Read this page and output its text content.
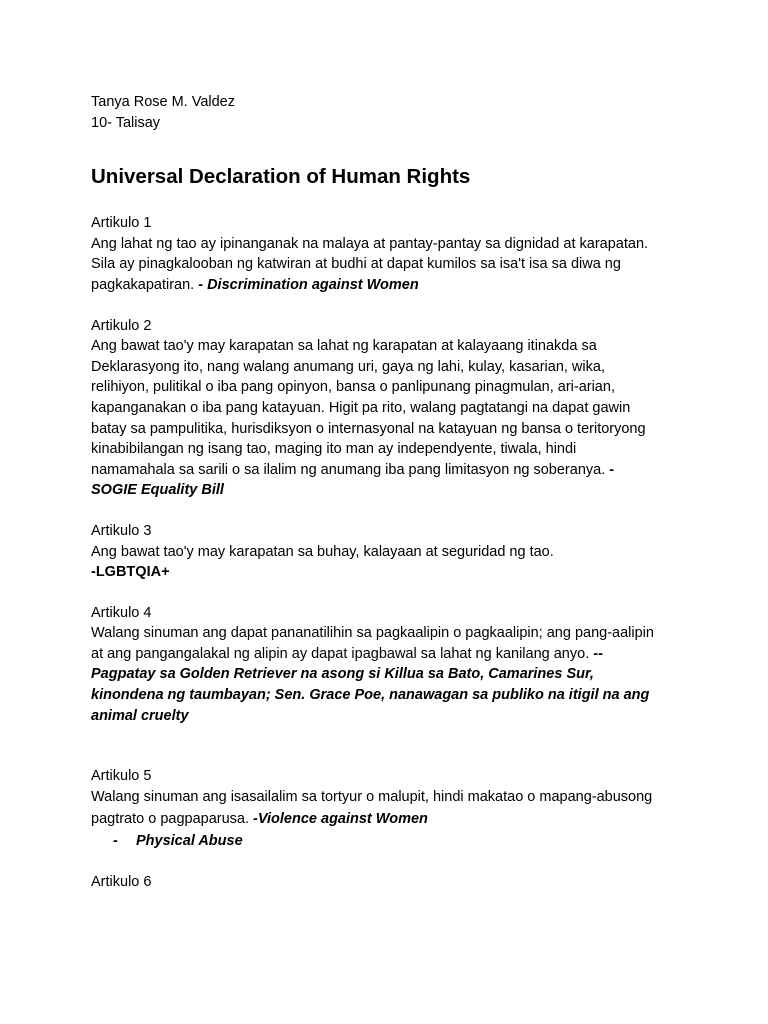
Tanya Rose M. Valdez
10- Talisay
Universal Declaration of Human Rights
Artikulo 1
Ang lahat ng tao ay ipinanganak na malaya at pantay-pantay sa dignidad at karapatan.
Sila ay pinagkalooban ng katwiran at budhi at dapat kumilos sa isa't isa sa diwa ng
pagkakapatiran. - Discrimination against Women
Artikulo 2
Ang bawat tao'y may karapatan sa lahat ng karapatan at kalayaang itinakda sa
Deklarasyong ito, nang walang anumang uri, gaya ng lahi, kulay, kasarian, wika,
relihiyon, pulitikal o iba pang opinyon, bansa o panlipunang pinagmulan, ari-arian,
kapanganakan o iba pang katayuan. Higit pa rito, walang pagtatangi na dapat gawin
batay sa pampulitika, hurisdiksyon o internasyonal na katayuan ng bansa o teritoryong
kinabibilangan ng isang tao, maging ito man ay independyente, tiwala, hindi
namamahala sa sarili o sa ilalim ng anumang iba pang limitasyon ng soberanya. -
SOGIE Equality Bill
Artikulo 3
Ang bawat tao'y may karapatan sa buhay, kalayaan at seguridad ng tao.
-LGBTQIA+
Artikulo 4
Walang sinuman ang dapat pananatilihin sa pagkaalipin o pagkaalipin; ang pang-aalipin
at ang pangangalakal ng alipin ay dapat ipagbawal sa lahat ng kanilang anyo. --
Pagpatay sa Golden Retriever na asong si Killua sa Bato, Camarines Sur,
kinondena ng taumbayan; Sen. Grace Poe, nanawagan sa publiko na itigil na ang
animal cruelty
Artikulo 5
Walang sinuman ang isasailalim sa tortyur o malupit, hindi makatao o mapang-abusong
pagtrato o pagpaparusa. -Violence against Women
- Physical Abuse
Artikulo 6
